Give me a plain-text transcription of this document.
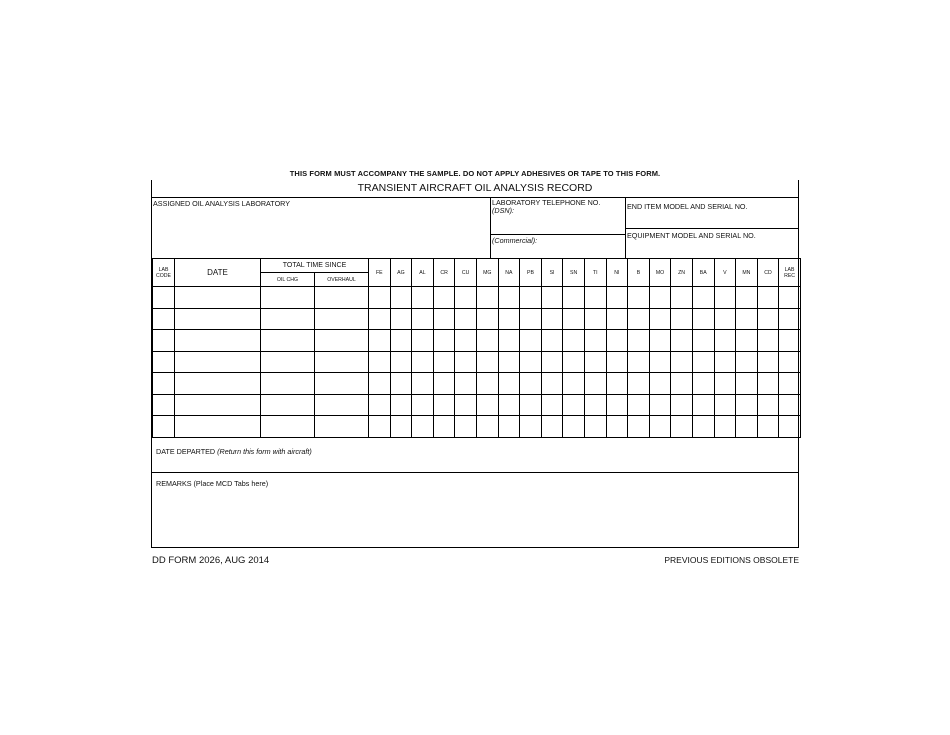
THIS FORM MUST ACCOMPANY THE SAMPLE. DO NOT APPLY ADHESIVES OR TAPE TO THIS FORM.
TRANSIENT AIRCRAFT OIL ANALYSIS RECORD
ASSIGNED OIL ANALYSIS LABORATORY	LABORATORY TELEPHONE NO.
(DSN):
(Commercial):
END ITEM MODEL AND SERIAL NO.
EQUIPMENT MODEL AND SERIAL NO.
LAB CODE	DATE	TOTAL TIME SINCE		FE	AG	AL	CR	CU	MG	NA	PB	SI	SN	TI	NI	B	MO	ZN	BA	V	MN	CD	LAB REC
		OIL CHG	OVERHAUL																				

DATE DEPARTED (Return this form with aircraft)
REMARKS (Place MCD Tabs here)
DD FORM 2026, AUG 2014	PREVIOUS EDITIONS OBSOLETE
